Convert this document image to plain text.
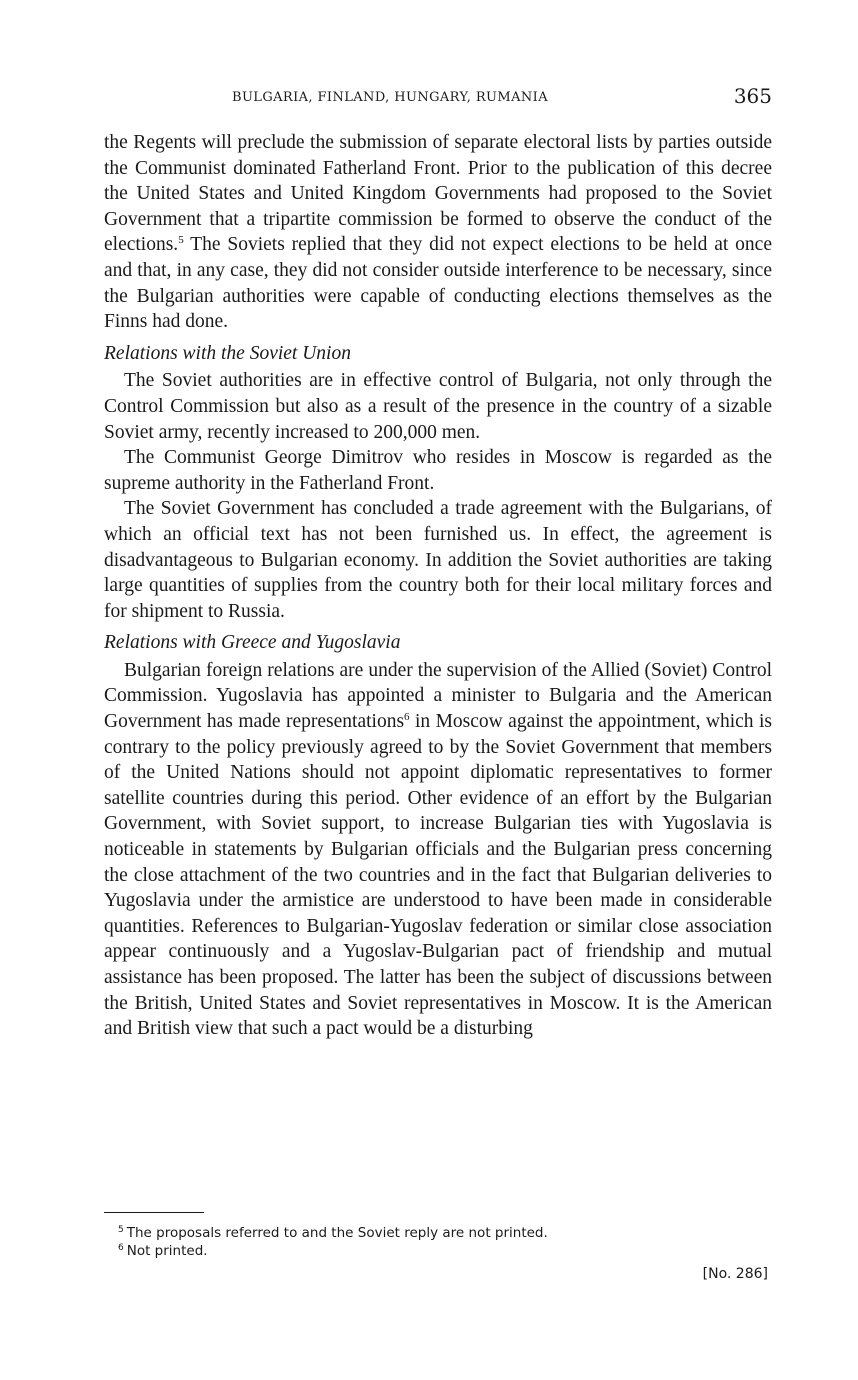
BULGARIA, FINLAND, HUNGARY, RUMANIA	365

the Regents will preclude the submission of separate electoral lists by parties outside the Communist dominated Fatherland Front. Prior to the publication of this decree the United States and United Kingdom Governments had proposed to the Soviet Government that a tripartite commission be formed to observe the conduct of the elections.$^5$ The Soviets replied that they did not expect elections to be held at once and that, in any case, they did not consider outside interference to be necessary, since the Bulgarian authorities were capable of conducting elections themselves as the Finns had done.

Relations with the Soviet Union

The Soviet authorities are in effective control of Bulgaria, not only through the Control Commission but also as a result of the presence in the country of a sizable Soviet army, recently increased to 200,000 men.

The Communist George Dimitrov who resides in Moscow is regarded as the supreme authority in the Fatherland Front.

The Soviet Government has concluded a trade agreement with the Bulgarians, of which an official text has not been furnished us. In effect, the agreement is disadvantageous to Bulgarian economy. In addition the Soviet authorities are taking large quantities of supplies from the country both for their local military forces and for shipment to Russia.

Relations with Greece and Yugoslavia

Bulgarian foreign relations are under the supervision of the Allied (Soviet) Control Commission. Yugoslavia has appointed a minister to Bulgaria and the American Government has made representations$^6$ in Moscow against the appointment, which is contrary to the policy previously agreed to by the Soviet Government that members of the United Nations should not appoint diplomatic representatives to former satellite countries during this period. Other evidence of an effort by the Bulgarian Government, with Soviet support, to increase Bulgarian ties with Yugoslavia is noticeable in statements by Bulgarian officials and the Bulgarian press concerning the close attachment of the two countries and in the fact that Bulgarian deliveries to Yugoslavia under the armistice are understood to have been made in considerable quantities. References to Bulgarian-Yugoslav federation or similar close association appear continuously and a Yugoslav-Bulgarian pact of friendship and mutual assistance has been proposed. The latter has been the subject of discussions between the British, United States and Soviet representatives in Moscow. It is the American and British view that such a pact would be a disturbing

$^5$ The proposals referred to and the Soviet reply are not printed.
$^6$ Not printed.
[No. 286]
